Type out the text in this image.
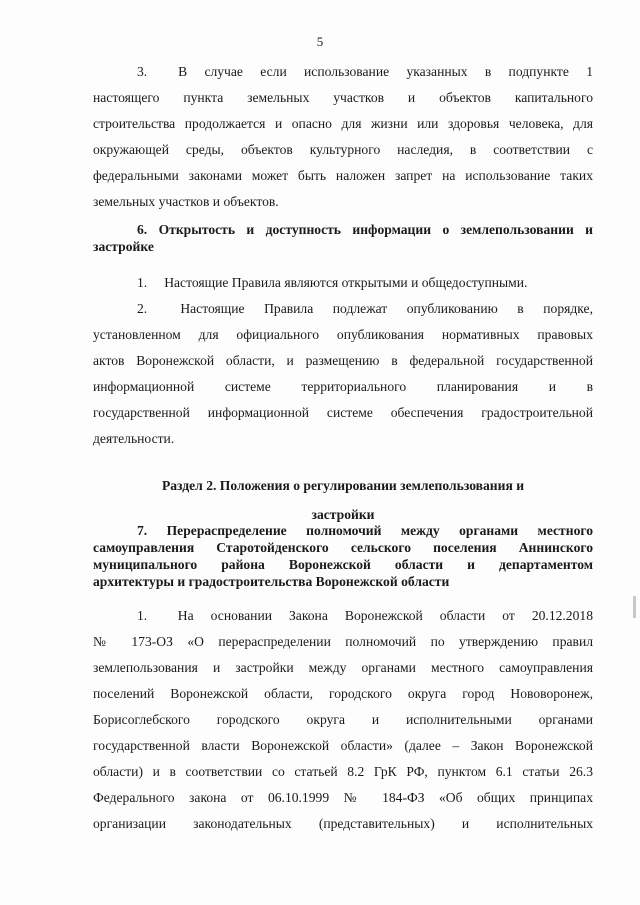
5
3.  В случае если использование указанных в подпункте 1
настоящего пункта земельных участков и объектов капитального
строительства продолжается и опасно для жизни или здоровья человека, для
окружающей среды, объектов культурного наследия, в соответствии с
федеральными законами может быть наложен запрет на использование таких
земельных участков и объектов.
6. Открытость и доступность информации о землепользовании и
застройке
1.  Настоящие Правила являются открытыми и общедоступными.
2.  Настоящие Правила подлежат опубликованию в порядке,
установленном для официального опубликования нормативных правовых
актов Воронежской области, и размещению в федеральной государственной
информационной системе территориального планирования и в
государственной информационной системе обеспечения градостроительной
деятельности.
Раздел 2. Положения о регулировании землепользования и
застройки
7. Перераспределение полномочий между органами местного
самоуправления Старотойденского сельского поселения Аннинского
муниципального района Воронежской области и департаментом
архитектуры и градостроительства Воронежской области
1.  На основании Закона Воронежской области от 20.12.2018
№ 173-ОЗ «О перераспределении полномочий по утверждению правил
землепользования и застройки между органами местного самоуправления
поселений Воронежской области, городского округа город Нововоронеж,
Борисоглебского городского округа и исполнительными органами
государственной власти Воронежской области» (далее – Закон Воронежской
области) и в соответствии со статьей 8.2 ГрК РФ, пунктом 6.1 статьи 26.3
Федерального закона от 06.10.1999 № 184-ФЗ «Об общих принципах
организации законодательных (представительных) и исполнительных
